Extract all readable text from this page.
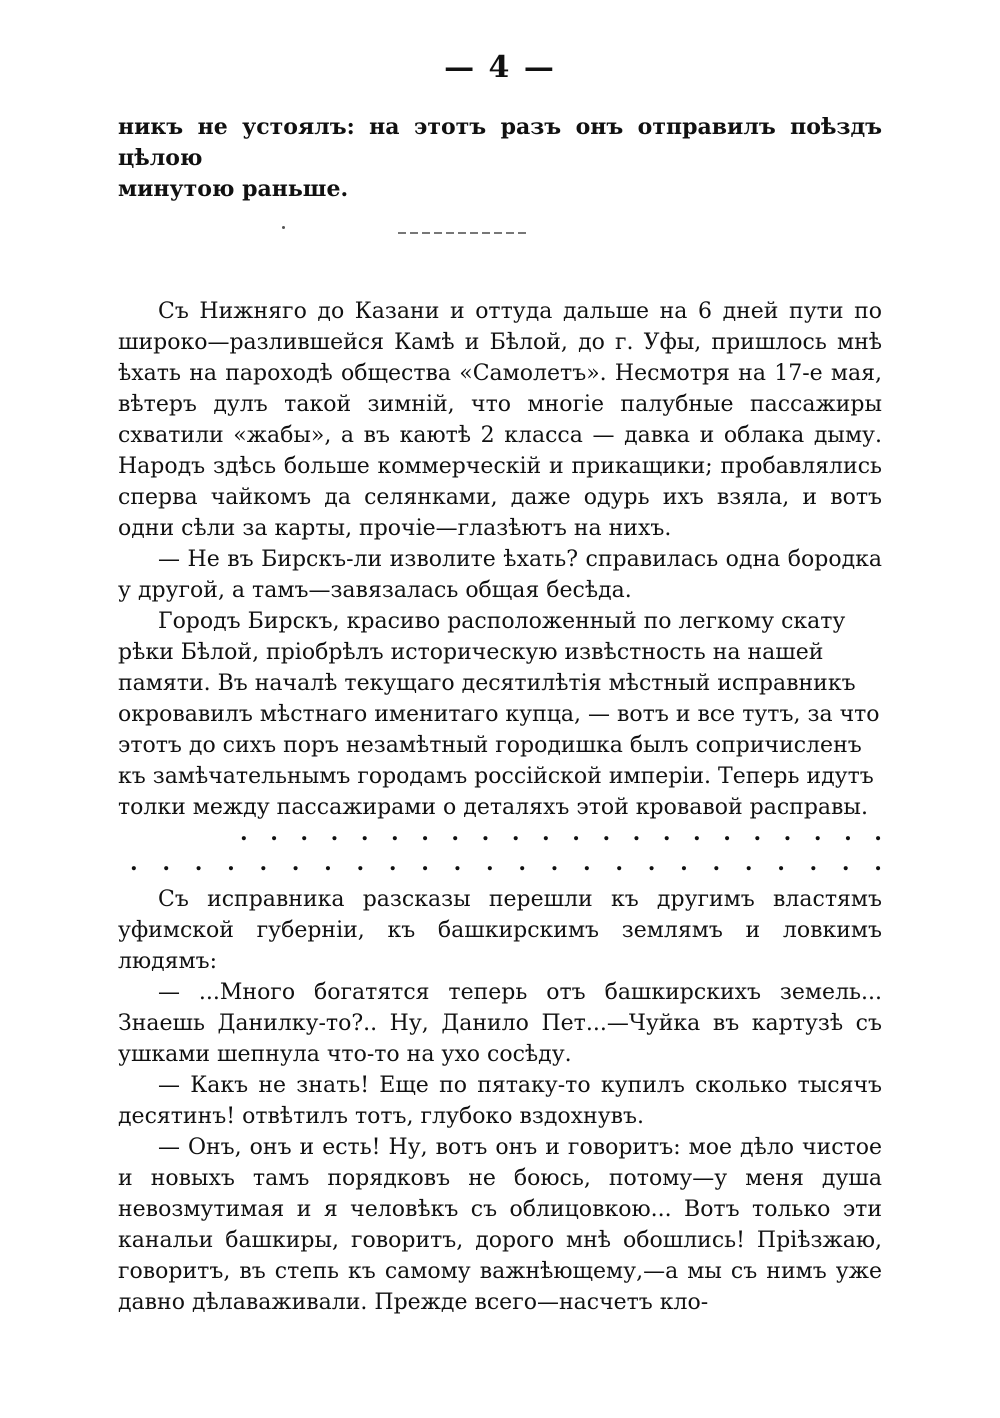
— 4 —

никъ не устоялъ: на этотъ разъ онъ отправилъ поѣздъ цѣлою

минутою раньше.

Съ Нижняго до Казани и оттуда дальше на 6 дней пути по широко—разлившейся Камѣ и Бѣлой, до г. Уфы, пришлось мнѣ ѣхать на пароходѣ общества «Самолетъ». Несмотря на 17-е мая, вѣтеръ дулъ такой зимній, что многіе палубные пассажиры схватили «жабы», а въ каютѣ 2 класса — давка и облака дыму. Народъ здѣсь больше коммерческій и прикащики; пробавлялись сперва чайкомъ да селянками, даже одурь ихъ взяла, и вотъ одни сѣли за карты, прочіе—глазѣютъ на нихъ.

— Не въ Бирскъ-ли изволите ѣхать? справилась одна бородка у другой, а тамъ—завязалась общая бесѣда.

Городъ Бирскъ, красиво расположенный по легкому скату рѣки Бѣлой, пріобрѣлъ историческую извѣстность на нашей памяти. Въ началѣ текущаго десятилѣтія мѣстный исправникъ окровавилъ мѣстнаго именитаго купца, — вотъ и все тутъ, за что этотъ до сихъ поръ незамѣтный городишка былъ сопричисленъ къ замѣчательнымъ городамъ россійской имперіи. Теперь идутъ толки между пассажирами о деталяхъ этой кровавой расправы.

. . . . . . . . . . . . . . . . . . . . . .
. . . . . . . . . . . . . . . . . . . . . . . .

Съ исправника разсказы перешли къ другимъ властямъ уфимской губерніи, къ башкирскимъ землямъ и ловкимъ людямъ:

— ...Много богатятся теперь отъ башкирскихъ земель... Знаешь Данилку-то?.. Ну, Данило Пет...—Чуйка въ картузѣ съ ушками шепнула что-то на ухо сосѣду.

— Какъ не знать! Еще по пятаку-то купилъ сколько тысячъ десятинъ! отвѣтилъ тотъ, глубоко вздохнувъ.

— Онъ, онъ и есть! Ну, вотъ онъ и говоритъ: мое дѣло чистое и новыхъ тамъ порядковъ не боюсь, потому—у меня душа невозмутимая и я человѣкъ съ облицовкою... Вотъ только эти канальи башкиры, говоритъ, дорого мнѣ обошлись! Пріѣзжаю, говоритъ, въ степь къ самому важнѣющему,—а мы съ нимъ уже давно дѣлаваживали. Прежде всего—насчетъ кло-
